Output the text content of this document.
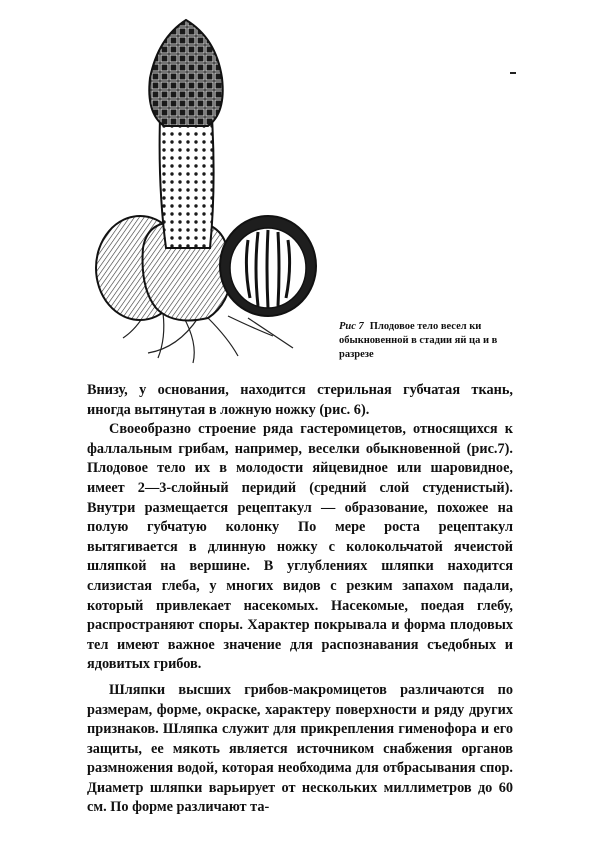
Рис 7 Плодовое тело весел ки обыкновенной в стадии яй ца и в разрезе

Внизу, у основания, находится стерильная губчатая ткань, иногда вытянутая в ложную ножку (рис. 6).

Своеобразно строение ряда гастеромицетов, относящихся к фаллальным грибам, например, веселки обыкновенной (рис.7). Плодовое тело их в молодости яйцевидное или шаровидное, имеет 2—3-слойный перидий (средний слой студенистый). Внутри размещается рецептакул — образование, похожее на полую губчатую колонку По мере роста рецептакул вытягивается в длинную ножку с колокольчатой ячеистой шляпкой на вершине. В углублениях шляпки находится слизистая глеба, у многих видов с резким запахом падали, который привлекает насекомых. Насекомые, поедая глебу, распространяют споры. Характер покрывала и форма плодовых тел имеют важное значение для распознавания съедобных и ядовитых грибов.

Шляпки высших грибов-макромицетов различаются по размерам, форме, окраске, характеру поверхности и ряду других признаков. Шляпка служит для прикрепления гименофора и его защиты, ее мякоть является источником снабжения органов размножения водой, которая необходима для отбрасывания спор. Диаметр шляпки варьирует от нескольких миллиметров до 60 см. По форме различают та-
